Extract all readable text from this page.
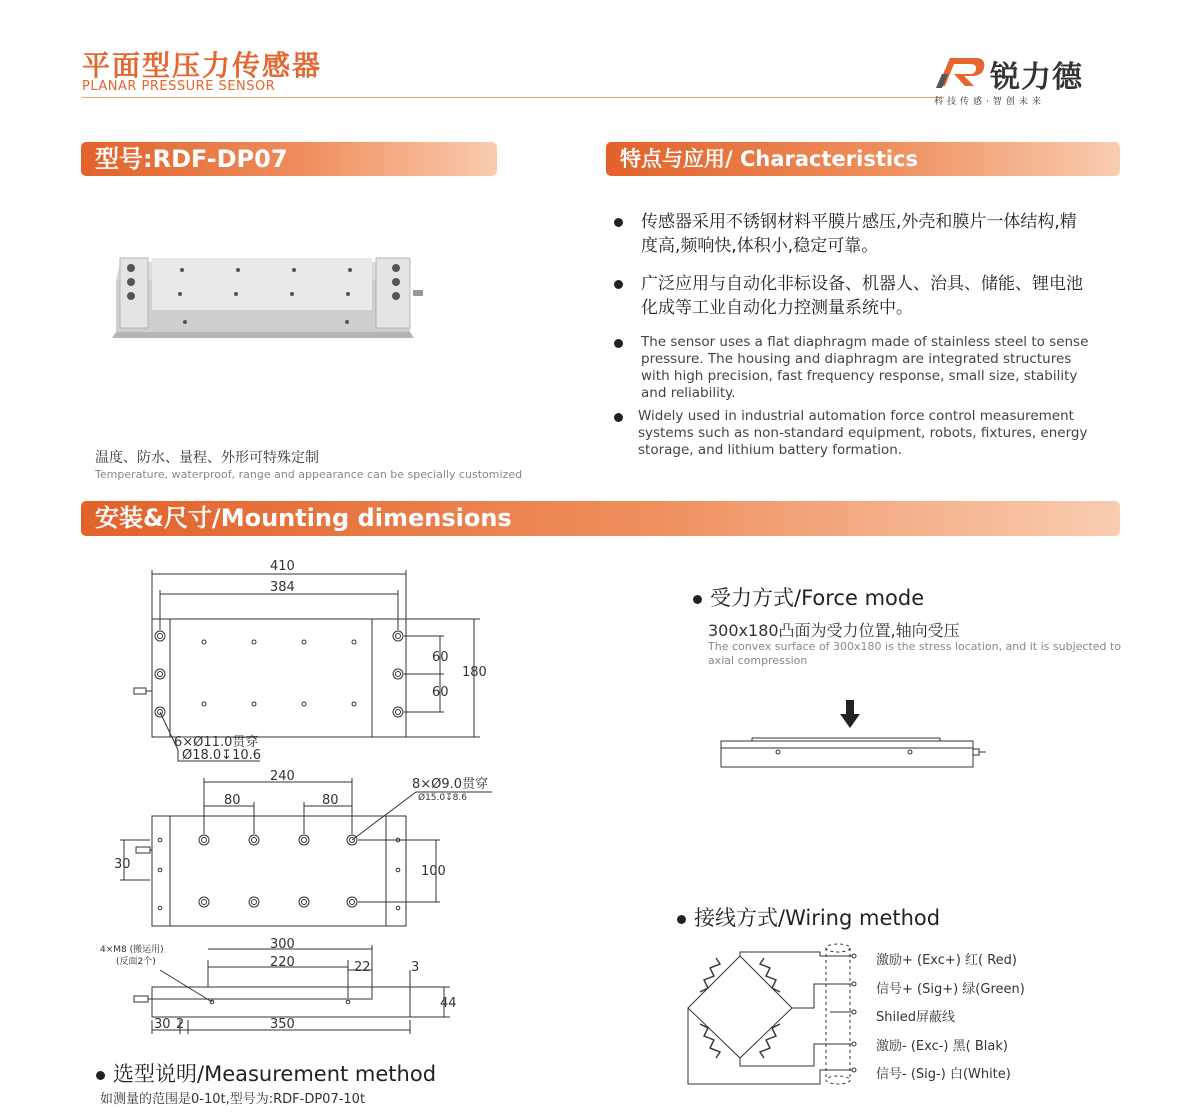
平面型压力传感器
PLANAR PRESSURE SENSOR	锐力德
科技传感·智创未来
型号:RDF-DP07	特点与应用/ Characteristics
温度、防水、量程、外形可特殊定制
Temperature, waterproof, range and appearance can be specially customized
传感器采用不锈钢材料平膜片感压,外壳和膜片一体结构,精度高,频响快,体积小,稳定可靠。
广泛应用与自动化非标设备、机器人、治具、储能、锂电池化成等工业自动化力控测量系统中。
The sensor uses a flat diaphragm made of stainless steel to sense pressure. The housing and diaphragm are integrated structures with high precision, fast frequency response, small size, stability and reliability.
Widely used in industrial automation force control measurement systems such as non-standard equipment, robots, fixtures, energy storage, and lithium battery formation.
安装&尺寸/Mounting dimensions
410
384
60
60
180
6×Ø11.0贯穿
Ø18.0↧10.6
240
80	80
100
30
8×Ø9.0贯穿
300
220	22	3
44
30 2	350
Ø15.0↧8.6
4×M8 (搬运用)
(反面2个)
受力方式/Force mode
300x180凸面为受力位置,轴向受压
The convex surface of 300x180 is the stress location, and it is subjected to axial compression
接线方式/Wiring method
激励+ (Exc+) 红( Red)
信号+ (Sig+) 绿(Green)
Shiled屏蔽线
激励- (Exc-) 黑( Blak)
信号- (Sig-) 白(White)
选型说明/Measurement method
如测量的范围是0-10t,型号为:RDF-DP07-10t
